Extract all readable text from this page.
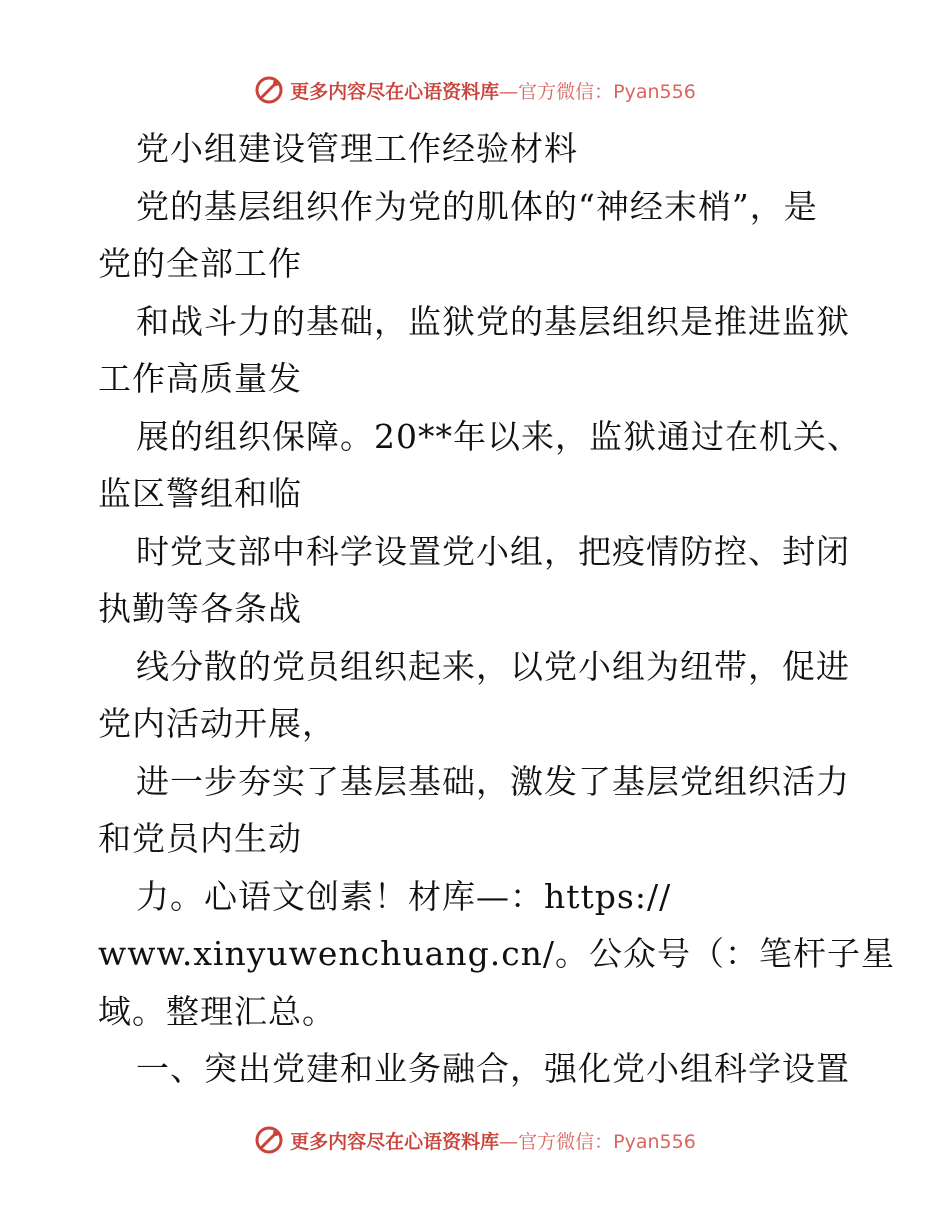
更多内容尽在心语资料库—官方微信：Pyan556
党小组建设管理工作经验材料
党的基层组织作为党的肌体的“神经末梢”，是
党的全部工作
和战斗力的基础，监狱党的基层组织是推进监狱
工作高质量发
展的组织保障。20**年以来，监狱通过在机关、
监区警组和临
时党支部中科学设置党小组，把疫情防控、封闭
执勤等各条战
线分散的党员组织起来，以党小组为纽带，促进
党内活动开展，
进一步夯实了基层基础，激发了基层党组织活力
和党员内生动
力。心语文创素！材库—：https://
www.xinyuwenchuang.cn/。公众号（：笔杆子星
域。整理汇总。
一、突出党建和业务融合，强化党小组科学设置
更多内容尽在心语资料库—官方微信：Pyan556
